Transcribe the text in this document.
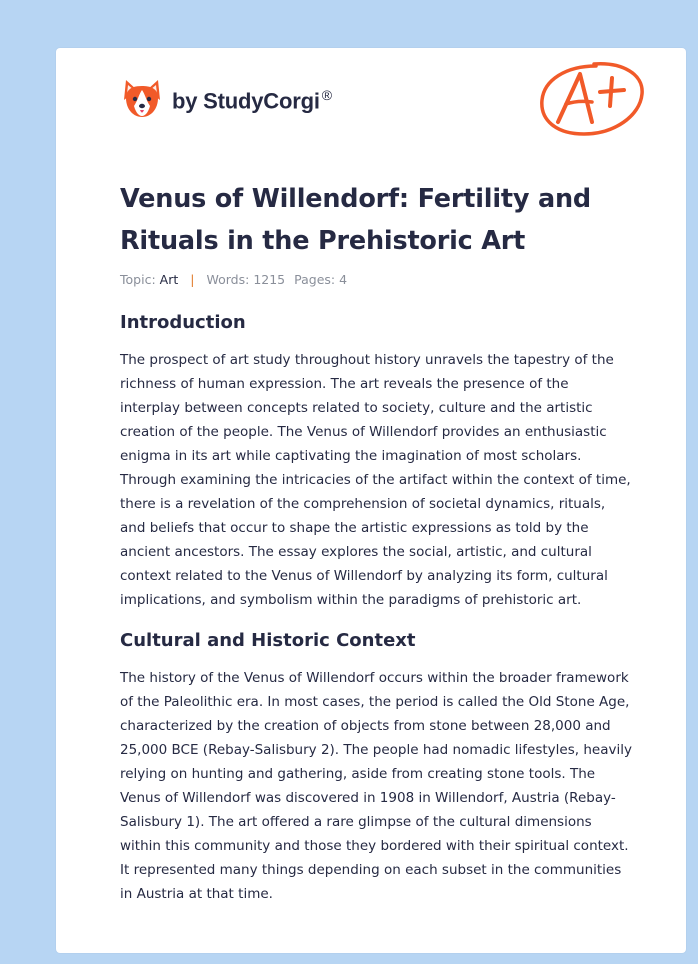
by StudyCorgi ®
Venus of Willendorf: Fertility and Rituals in the Prehistoric Art
Topic: Art | Words: 1215 Pages: 4
Introduction

The prospect of art study throughout history unravels the tapestry of the richness of human expression. The art reveals the presence of the interplay between concepts related to society, culture and the artistic creation of the people. The Venus of Willendorf provides an enthusiastic enigma in its art while captivating the imagination of most scholars. Through examining the intricacies of the artifact within the context of time, there is a revelation of the comprehension of societal dynamics, rituals, and beliefs that occur to shape the artistic expressions as told by the ancient ancestors. The essay explores the social, artistic, and cultural context related to the Venus of Willendorf by analyzing its form, cultural implications, and symbolism within the paradigms of prehistoric art.

Cultural and Historic Context

The history of the Venus of Willendorf occurs within the broader framework of the Paleolithic era. In most cases, the period is called the Old Stone Age, characterized by the creation of objects from stone between 28,000 and 25,000 BCE (Rebay-Salisbury 2). The people had nomadic lifestyles, heavily relying on hunting and gathering, aside from creating stone tools. The Venus of Willendorf was discovered in 1908 in Willendorf, Austria (Rebay-Salisbury 1). The art offered a rare glimpse of the cultural dimensions within this community and those they bordered with their spiritual context. It represented many things depending on each subset in the communities in Austria at that time.
